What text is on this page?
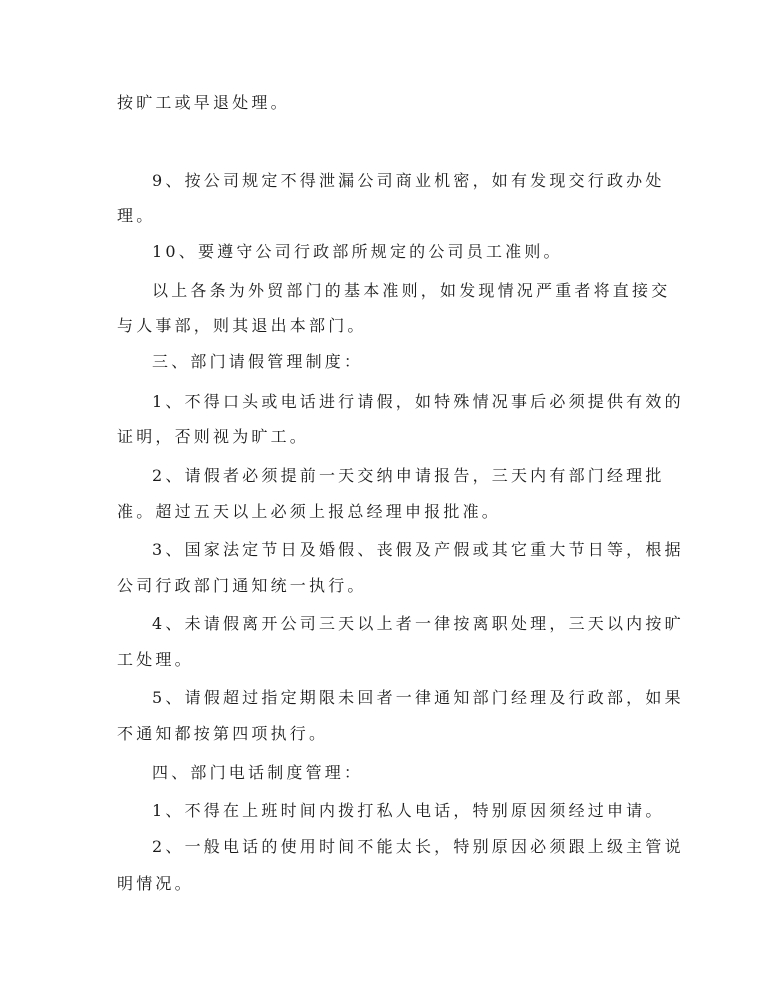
按旷工或早退处理。
9、按公司规定不得泄漏公司商业机密，如有发现交行政办处
理。
10、要遵守公司行政部所规定的公司员工准则。
以上各条为外贸部门的基本准则，如发现情况严重者将直接交
与人事部，则其退出本部门。
三、部门请假管理制度：
1、不得口头或电话进行请假，如特殊情况事后必须提供有效的
证明，否则视为旷工。
2、请假者必须提前一天交纳申请报告，三天内有部门经理批
准。超过五天以上必须上报总经理申报批准。
3、国家法定节日及婚假、丧假及产假或其它重大节日等，根据
公司行政部门通知统一执行。
4、未请假离开公司三天以上者一律按离职处理，三天以内按旷
工处理。
5、请假超过指定期限未回者一律通知部门经理及行政部，如果
不通知都按第四项执行。
四、部门电话制度管理：
1、不得在上班时间内拨打私人电话，特别原因须经过申请。
2、一般电话的使用时间不能太长，特别原因必须跟上级主管说
明情况。
